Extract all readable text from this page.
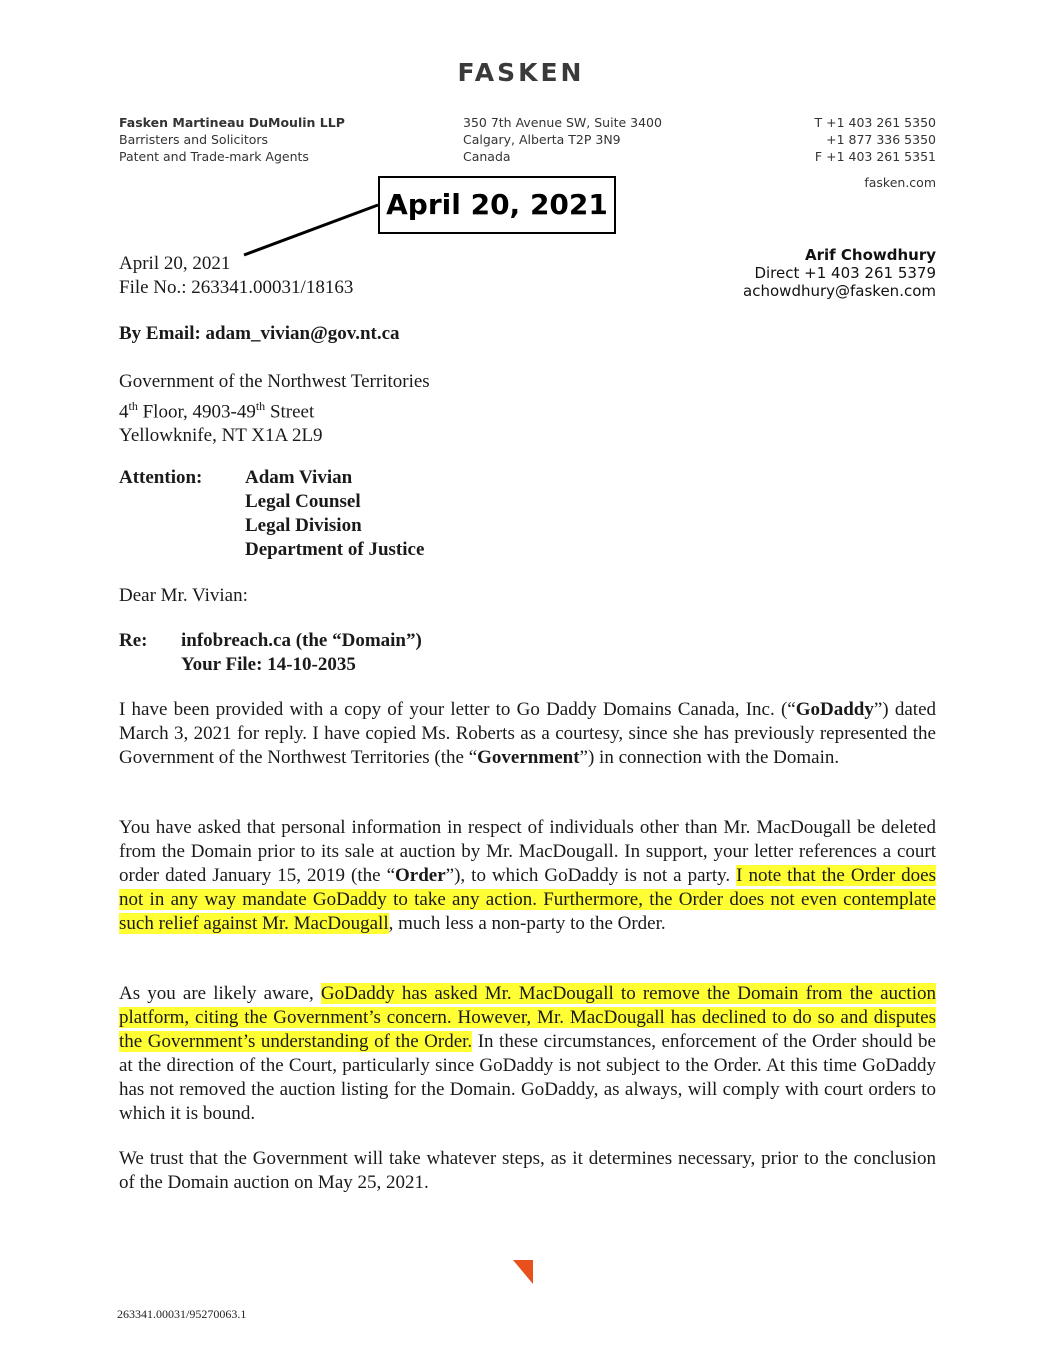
FASKEN
Fasken Martineau DuMoulin LLP
Barristers and Solicitors
Patent and Trade-mark Agents
350 7th Avenue SW, Suite 3400
Calgary, Alberta T2P 3N9
Canada
T +1 403 261 5350
+1 877 336 5350
F +1 403 261 5351
fasken.com
April 20, 2021
April 20, 2021
File No.: 263341.00031/18163
Arif Chowdhury
Direct +1 403 261 5379
achowdhury@fasken.com
By Email: adam_vivian@gov.nt.ca
Government of the Northwest Territories
4th Floor, 4903-49th Street
Yellowknife, NT X1A 2L9
Attention: Adam Vivian
Legal Counsel
Legal Division
Department of Justice
Dear Mr. Vivian:
Re: infobreach.ca (the “Domain”)
Your File: 14-10-2035
I have been provided with a copy of your letter to Go Daddy Domains Canada, Inc. (“GoDaddy”) dated March 3, 2021 for reply. I have copied Ms. Roberts as a courtesy, since she has previously represented the Government of the Northwest Territories (the “Government”) in connection with the Domain.
You have asked that personal information in respect of individuals other than Mr. MacDougall be deleted from the Domain prior to its sale at auction by Mr. MacDougall. In support, your letter references a court order dated January 15, 2019 (the “Order”), to which GoDaddy is not a party. I note that the Order does not in any way mandate GoDaddy to take any action. Furthermore, the Order does not even contemplate such relief against Mr. MacDougall, much less a non-party to the Order.
As you are likely aware, GoDaddy has asked Mr. MacDougall to remove the Domain from the auction platform, citing the Government’s concern. However, Mr. MacDougall has declined to do so and disputes the Government’s understanding of the Order. In these circumstances, enforcement of the Order should be at the direction of the Court, particularly since GoDaddy is not subject to the Order. At this time GoDaddy has not removed the auction listing for the Domain. GoDaddy, as always, will comply with court orders to which it is bound.
We trust that the Government will take whatever steps, as it determines necessary, prior to the conclusion of the Domain auction on May 25, 2021.
263341.00031/95270063.1
